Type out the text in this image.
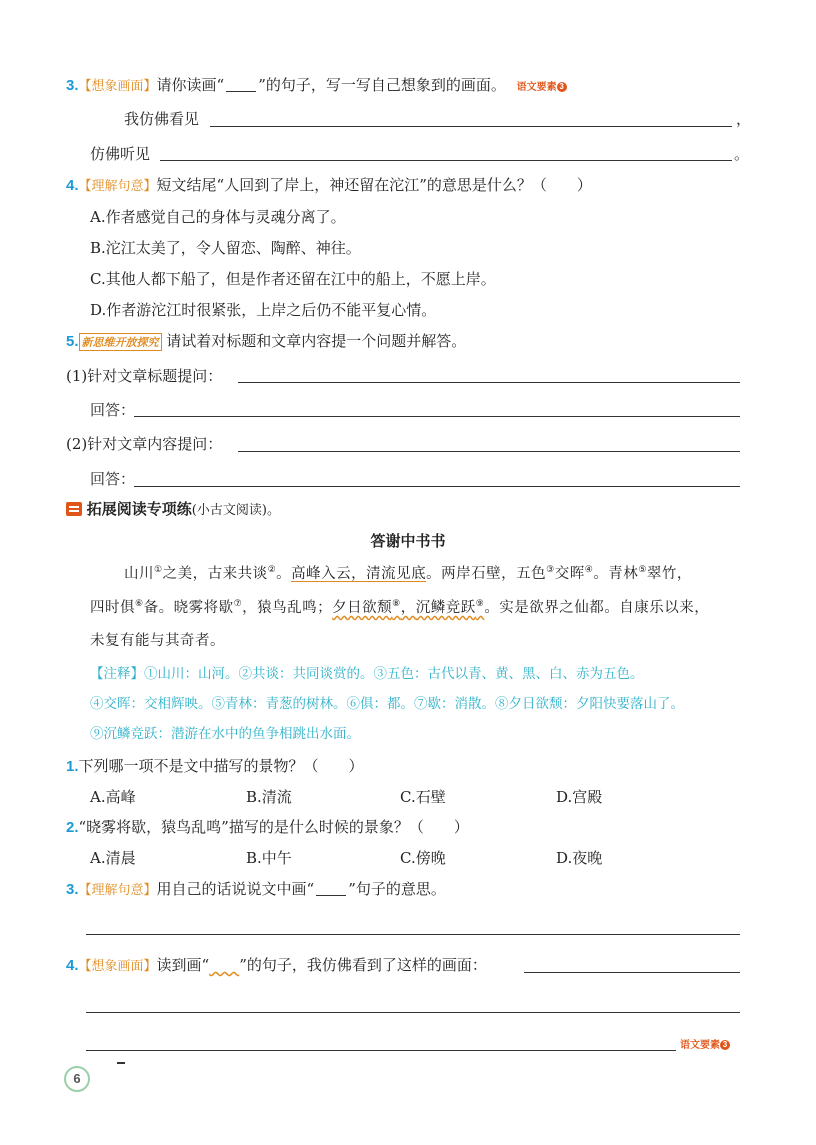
3.【想象画面】请你读画“ ”的句子，写一写自己想象到的画面。 语文要素 3
我仿佛看见	，
仿佛听见	。
4.【理解句意】短文结尾“人回到了岸上，神还留在沱江”的意思是什么？（　　）
A.作者感觉自己的身体与灵魂分离了。
B.沱江太美了，令人留恋、陶醉、神往。
C.其他人都下船了，但是作者还留在江中的船上，不愿上岸。
D.作者游沱江时很紧张，上岸之后仍不能平复心情。
5. 新思维开放探究 请试着对标题和文章内容提一个问题并解答。
(1)针对文章标题提问：
回答：
(2)针对文章内容提问：
回答：
拓展阅读专项练(小古文阅读)。
答谢中书书
山川①之美，古来共谈②。高峰入云，清流见底。两岸石壁，五色③交晖④。青林⑤翠竹，
四时俱⑥备。晓雾将歇⑦，猿鸟乱鸣；夕日欲颓⑧，沉鳞竞跃⑨。实是欲界之仙都。自康乐以来，
未复有能与其奇者。
【注释】①山川：山河。②共谈：共同谈赏的。③五色：古代以青、黄、黑、白、赤为五色。
④交晖：交相辉映。⑤青林：青葱的树林。⑥俱：都。⑦歇：消散。⑧夕日欲颓：夕阳快要落山了。
⑨沉鳞竞跃：潜游在水中的鱼争相跳出水面。
1.下列哪一项不是文中描写的景物？（　　）
A.高峰	B.清流	C.石壁	D.宫殿
2.“晓雾将歇，猿鸟乱鸣”描写的是什么时候的景象？（　　）
A.清晨	B.中午	C.傍晚	D.夜晚
3.【理解句意】用自己的话说说文中画“ ”句子的意思。
4.【想象画面】读到画“ ”的句子，我仿佛看到了这样的画面：
语文要素 3
6
